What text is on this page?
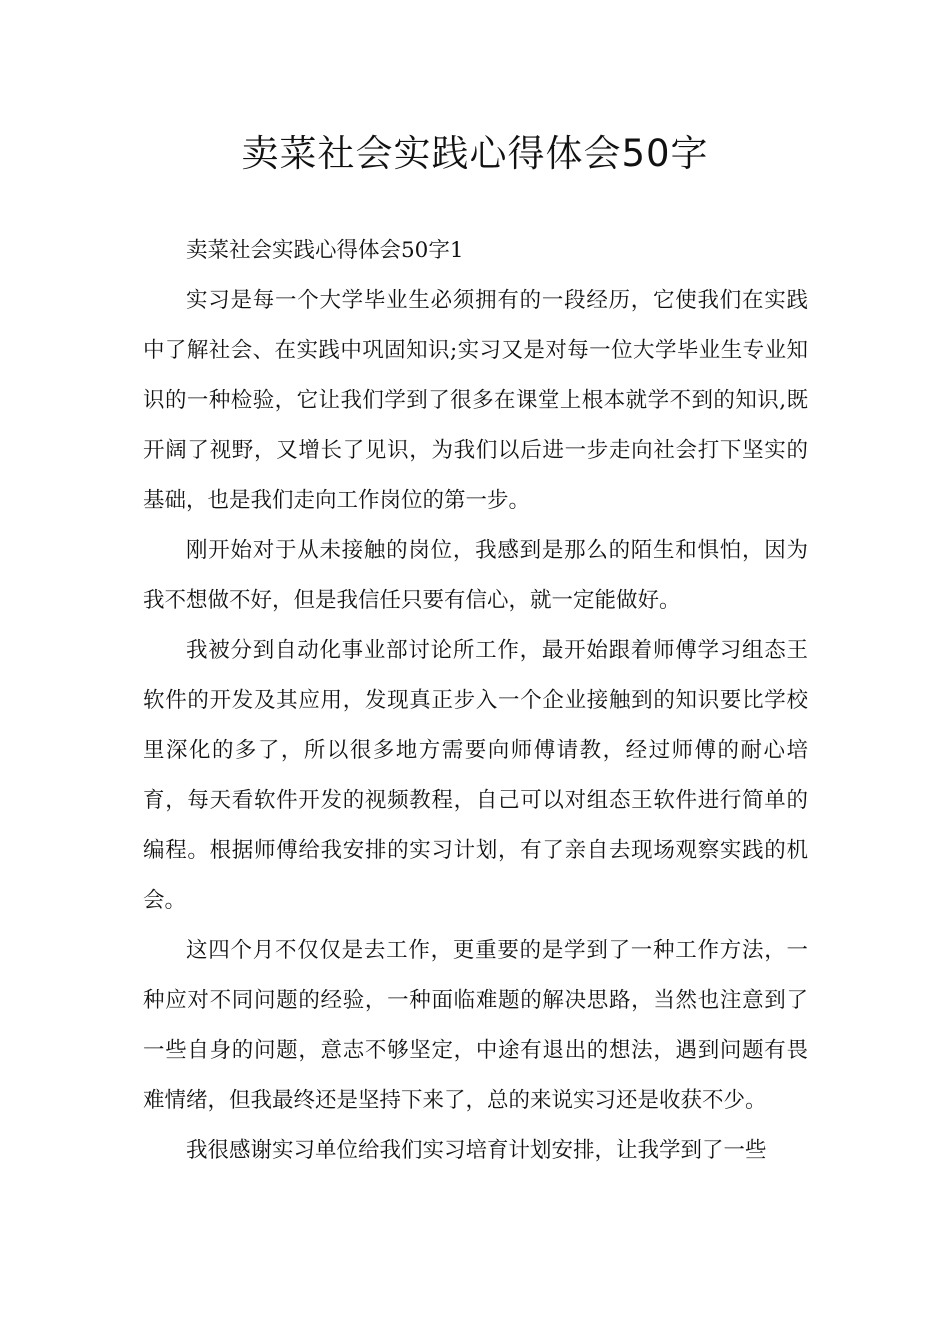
卖菜社会实践心得体会50字

卖菜社会实践心得体会50字1

实习是每一个大学毕业生必须拥有的一段经历，它使我们在实践中了解社会、在实践中巩固知识;实习又是对每一位大学毕业生专业知识的一种检验，它让我们学到了很多在课堂上根本就学不到的知识,既开阔了视野，又增长了见识，为我们以后进一步走向社会打下坚实的基础，也是我们走向工作岗位的第一步。

刚开始对于从未接触的岗位，我感到是那么的陌生和惧怕，因为我不想做不好，但是我信任只要有信心，就一定能做好。

我被分到自动化事业部讨论所工作，最开始跟着师傅学习组态王软件的开发及其应用，发现真正步入一个企业接触到的知识要比学校里深化的多了，所以很多地方需要向师傅请教，经过师傅的耐心培育，每天看软件开发的视频教程，自己可以对组态王软件进行简单的编程。根据师傅给我安排的实习计划，有了亲自去现场观察实践的机会。

这四个月不仅仅是去工作，更重要的是学到了一种工作方法，一种应对不同问题的经验，一种面临难题的解决思路，当然也注意到了一些自身的问题，意志不够坚定，中途有退出的想法，遇到问题有畏难情绪，但我最终还是坚持下来了，总的来说实习还是收获不少。

我很感谢实习单位给我们实习培育计划安排，让我学到了一些
